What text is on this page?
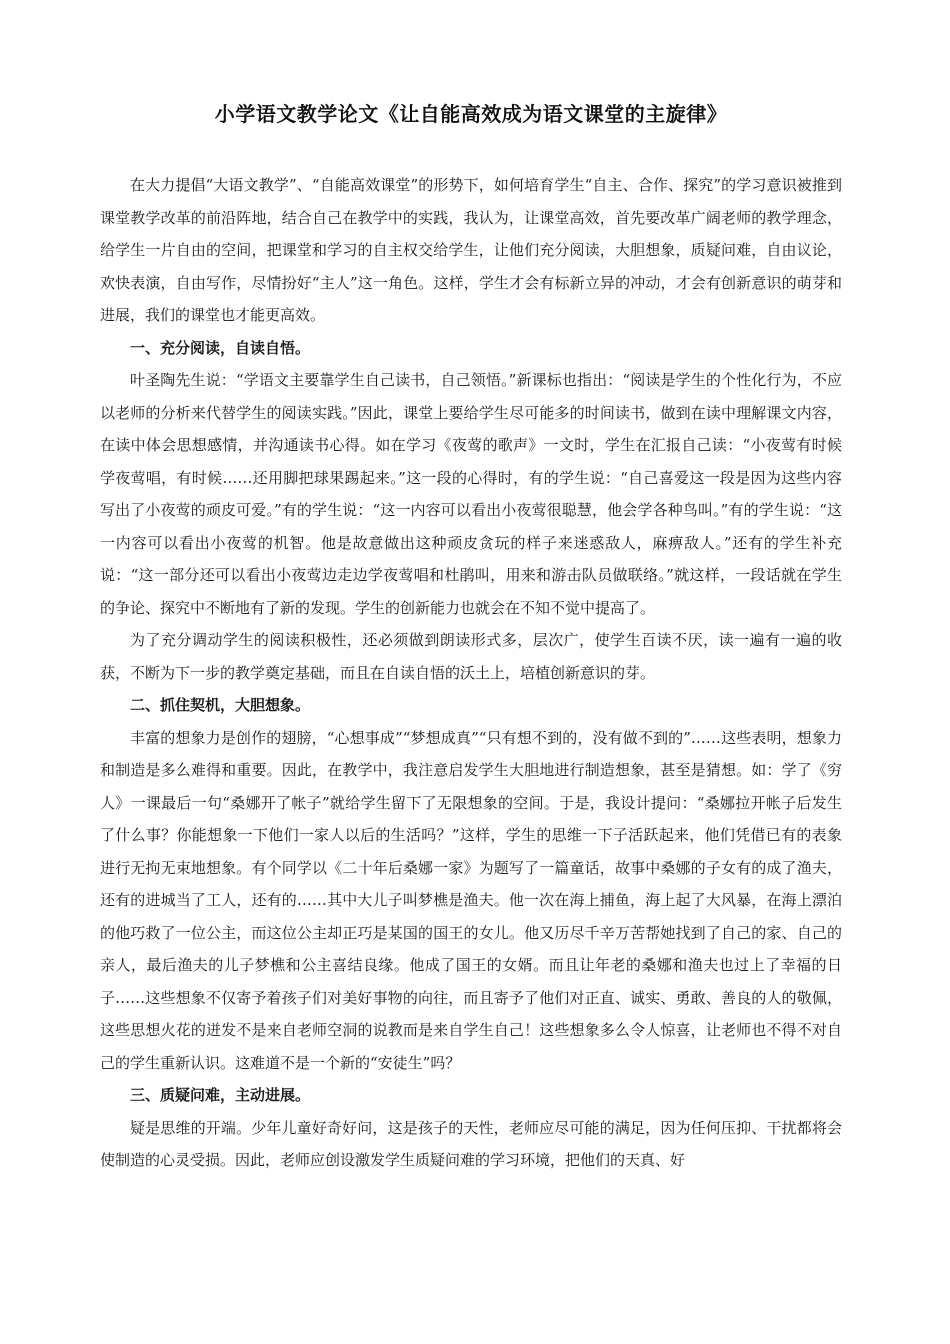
小学语文教学论文《让自能高效成为语文课堂的主旋律》

在大力提倡“大语文教学”、“自能高效课堂”的形势下，如何培育学生“自主、合作、探究”的学习意识被推到课堂教学改革的前沿阵地，结合自己在教学中的实践，我认为，让课堂高效，首先要改革广阔老师的教学理念，给学生一片自由的空间，把课堂和学习的自主权交给学生，让他们充分阅读，大胆想象，质疑问难，自由议论，欢快表演，自由写作，尽情扮好“主人”这一角色。这样，学生才会有标新立异的冲动，才会有创新意识的萌芽和进展，我们的课堂也才能更高效。

一、充分阅读，自读自悟。

叶圣陶先生说：“学语文主要靠学生自己读书，自己领悟。”新课标也指出：“阅读是学生的个性化行为，不应以老师的分析来代替学生的阅读实践。”因此，课堂上要给学生尽可能多的时间读书，做到在读中理解课文内容，在读中体会思想感情，并沟通读书心得。如在学习《夜莺的歌声》一文时，学生在汇报自己读：“小夜莺有时候学夜莺唱，有时候……还用脚把球果踢起来。”这一段的心得时，有的学生说：“自己喜爱这一段是因为这些内容写出了小夜莺的顽皮可爱。”有的学生说：“这一内容可以看出小夜莺很聪慧，他会学各种鸟叫。”有的学生说：“这一内容可以看出小夜莺的机智。他是故意做出这种顽皮贪玩的样子来迷惑敌人，麻痹敌人。”还有的学生补充说：“这一部分还可以看出小夜莺边走边学夜莺唱和杜鹃叫，用来和游击队员做联络。”就这样，一段话就在学生的争论、探究中不断地有了新的发现。学生的创新能力也就会在不知不觉中提高了。

为了充分调动学生的阅读积极性，还必须做到朗读形式多，层次广，使学生百读不厌，读一遍有一遍的收获，不断为下一步的教学奠定基础，而且在自读自悟的沃土上，培植创新意识的芽。

二、抓住契机，大胆想象。

丰富的想象力是创作的翅膀，“心想事成”“梦想成真”“只有想不到的，没有做不到的”……这些表明，想象力和制造是多么难得和重要。因此，在教学中，我注意启发学生大胆地进行制造想象，甚至是猜想。如：学了《穷人》一课最后一句“桑娜开了帐子”就给学生留下了无限想象的空间。于是，我设计提问：“桑娜拉开帐子后发生了什么事？你能想象一下他们一家人以后的生活吗？”这样，学生的思维一下子活跃起来，他们凭借已有的表象进行无拘无束地想象。有个同学以《二十年后桑娜一家》为题写了一篇童话，故事中桑娜的子女有的成了渔夫，还有的进城当了工人，还有的……其中大儿子叫梦樵是渔夫。他一次在海上捕鱼，海上起了大风暴，在海上漂泊的他巧救了一位公主，而这位公主却正巧是某国的国王的女儿。他又历尽千辛万苦帮她找到了自己的家、自己的亲人，最后渔夫的儿子梦樵和公主喜结良缘。他成了国王的女婿。而且让年老的桑娜和渔夫也过上了幸福的日子……这些想象不仅寄予着孩子们对美好事物的向往，而且寄予了他们对正直、诚实、勇敢、善良的人的敬佩，这些思想火花的迸发不是来自老师空洞的说教而是来自学生自己！这些想象多么令人惊喜，让老师也不得不对自己的学生重新认识。这难道不是一个新的“安徒生”吗？

三、质疑问难，主动进展。

疑是思维的开端。少年儿童好奇好问，这是孩子的天性，老师应尽可能的满足，因为任何压抑、干扰都将会使制造的心灵受损。因此，老师应创设激发学生质疑问难的学习环境，把他们的天真、好
